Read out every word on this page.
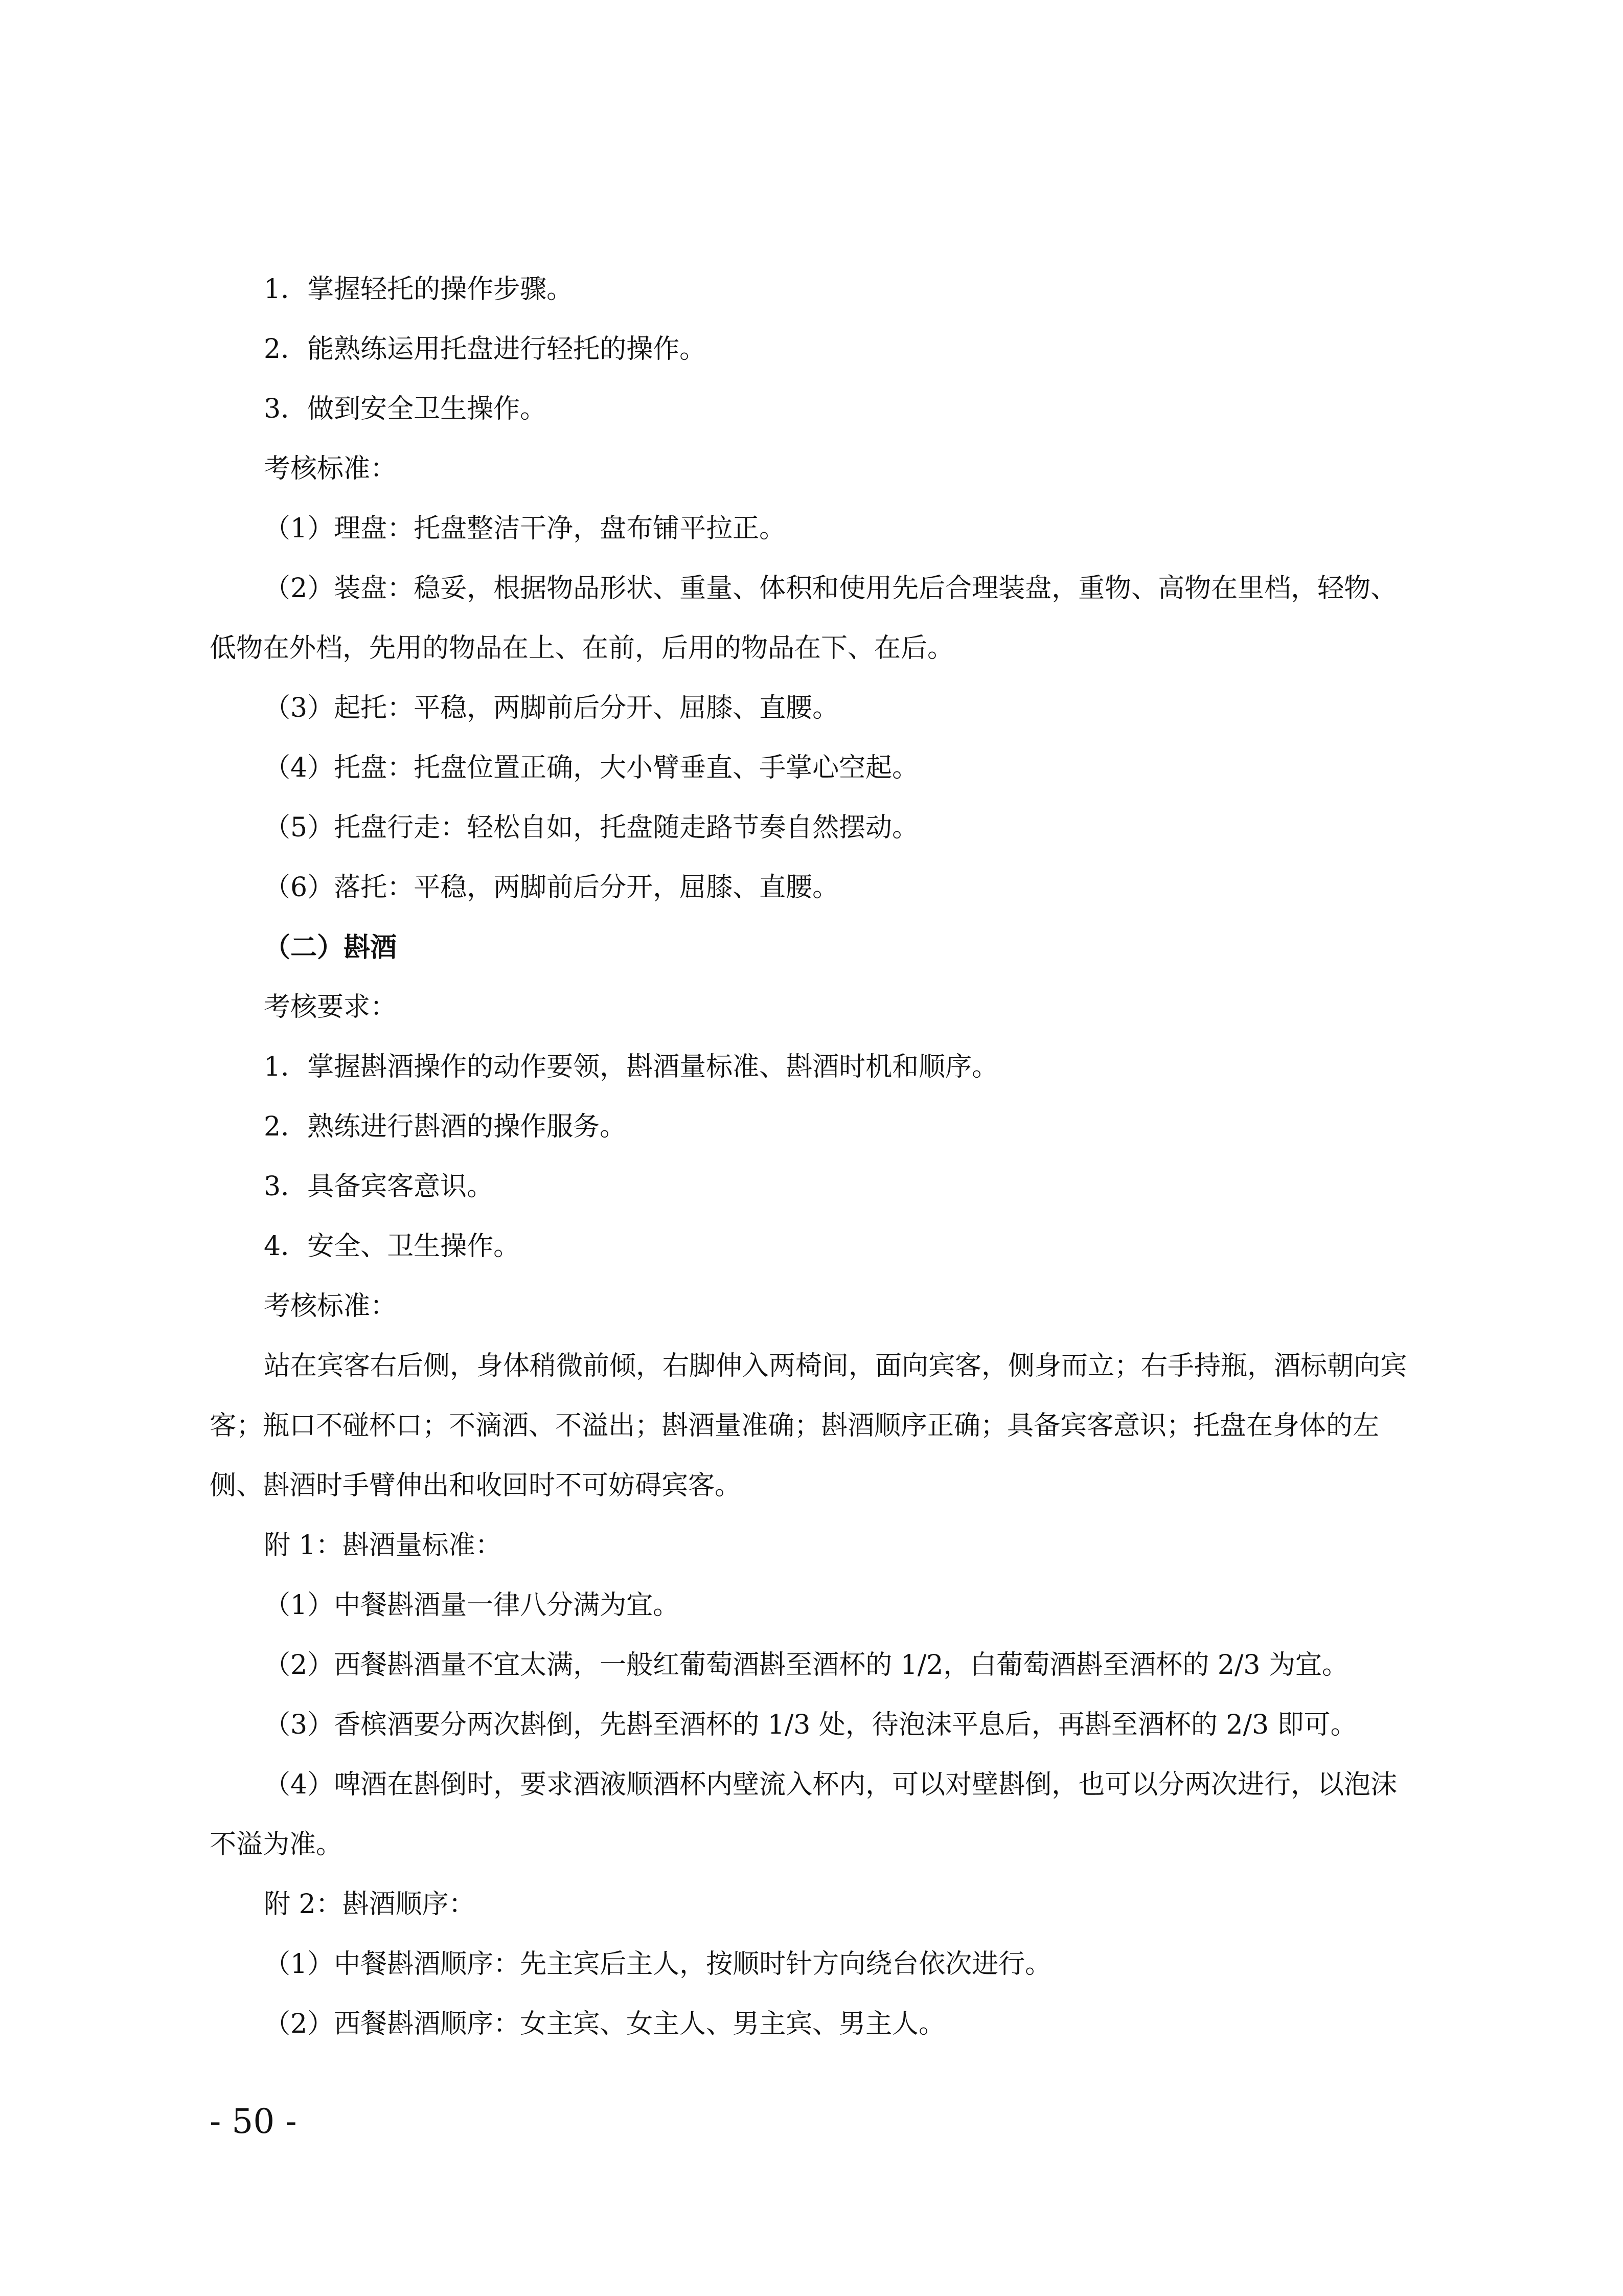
1．掌握轻托的操作步骤。

2．能熟练运用托盘进行轻托的操作。

3．做到安全卫生操作。

考核标准：

（1）理盘：托盘整洁干净，盘布铺平拉正。

（2）装盘：稳妥，根据物品形状、重量、体积和使用先后合理装盘，重物、高物在里档，轻物、低物在外档，先用的物品在上、在前，后用的物品在下、在后。

（3）起托：平稳，两脚前后分开、屈膝、直腰。

（4）托盘：托盘位置正确，大小臂垂直、手掌心空起。

（5）托盘行走：轻松自如，托盘随走路节奏自然摆动。

（6）落托：平稳，两脚前后分开，屈膝、直腰。

（二）斟酒

考核要求：

1．掌握斟酒操作的动作要领，斟酒量标准、斟酒时机和顺序。

2．熟练进行斟酒的操作服务。

3．具备宾客意识。

4．安全、卫生操作。

考核标准：

站在宾客右后侧，身体稍微前倾，右脚伸入两椅间，面向宾客，侧身而立；右手持瓶，酒标朝向宾客；瓶口不碰杯口；不滴洒、不溢出；斟酒量准确；斟酒顺序正确；具备宾客意识；托盘在身体的左侧、斟酒时手臂伸出和收回时不可妨碍宾客。

附 1：斟酒量标准：

（1）中餐斟酒量一律八分满为宜。

（2）西餐斟酒量不宜太满，一般红葡萄酒斟至酒杯的 1/2，白葡萄酒斟至酒杯的 2/3 为宜。

（3）香槟酒要分两次斟倒，先斟至酒杯的 1/3 处，待泡沫平息后，再斟至酒杯的 2/3 即可。

（4）啤酒在斟倒时，要求酒液顺酒杯内壁流入杯内，可以对壁斟倒，也可以分两次进行，以泡沫不溢为准。

附 2：斟酒顺序：

（1）中餐斟酒顺序：先主宾后主人，按顺时针方向绕台依次进行。

（2）西餐斟酒顺序：女主宾、女主人、男主宾、男主人。

- 50 -
